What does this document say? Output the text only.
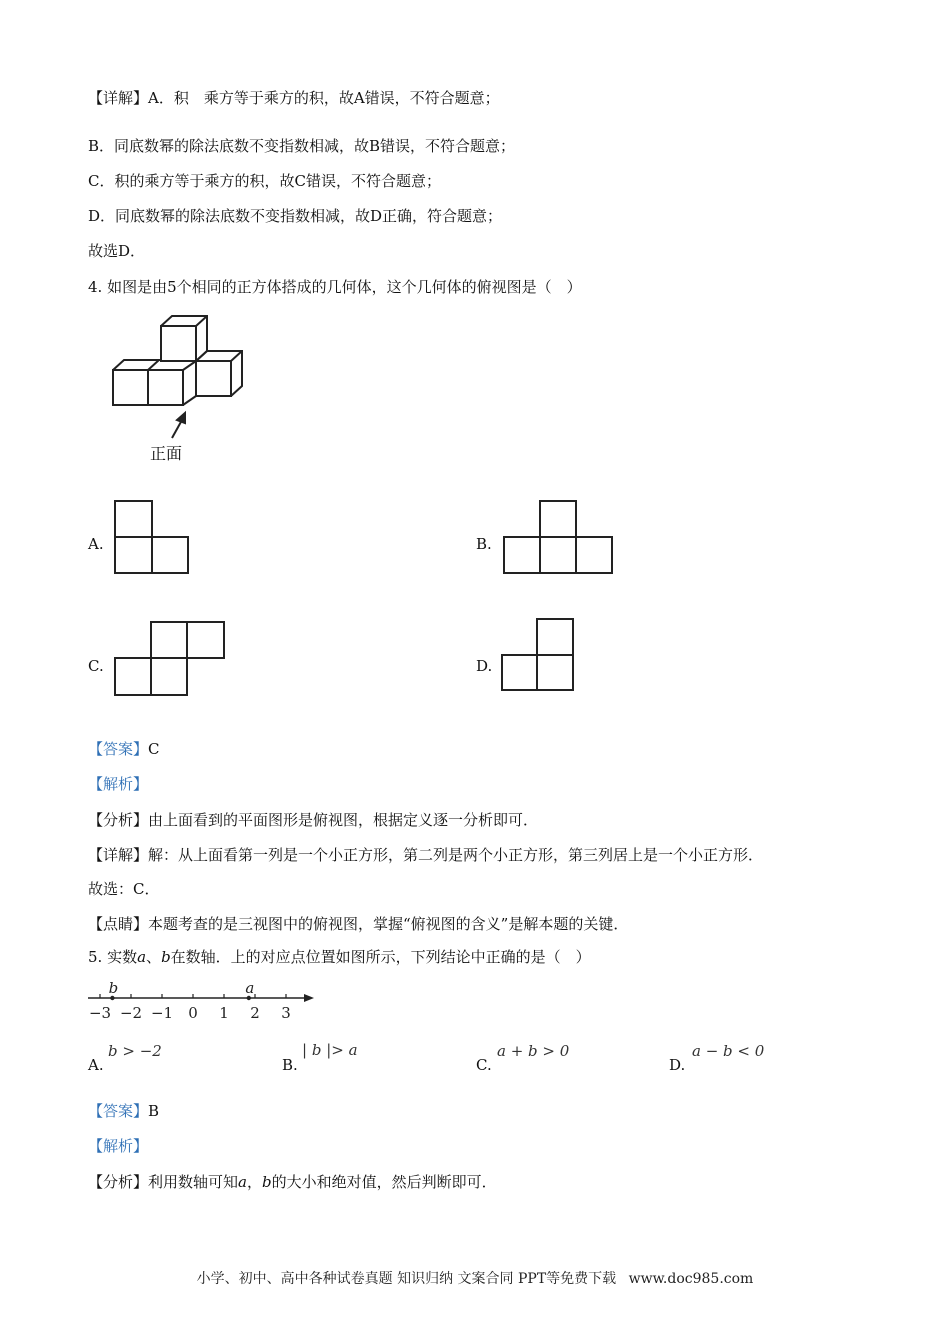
【详解】A．积　乘方等于乘方的积，故A错误，不符合题意；
B．同底数幂的除法底数不变指数相减，故B错误，不符合题意；
C．积的乘方等于乘方的积，故C错误，不符合题意；
D．同底数幂的除法底数不变指数相减，故D正确，符合题意；
故选D．
4. 如图是由5个相同的正方体搭成的几何体，这个几何体的俯视图是（　）
正面
A.	B.
C.	D.
【答案】C
【解析】
【分析】由上面看到的平面图形是俯视图，根据定义逐一分析即可．
【详解】解：从上面看第一列是一个小正方形，第二列是两个小正方形，第三列居上是一个小正方形．
故选：C．
【点睛】本题考查的是三视图中的俯视图，掌握“俯视图的含义”是解本题的关键．
5. 实数a、b在数轴．上的对应点位置如图所示，下列结论中正确的是（　）
−3 −2 −1 0 1 2 3
b	a
A.
b > −2
B.
| b |> a
C.
a + b > 0
D.
a − b < 0
【答案】B
【解析】
【分析】利用数轴可知a，b的大小和绝对值，然后判断即可．
小学、初中、高中各种试卷真题 知识归纳 文案合同 PPT等免费下载 www.doc985.com
